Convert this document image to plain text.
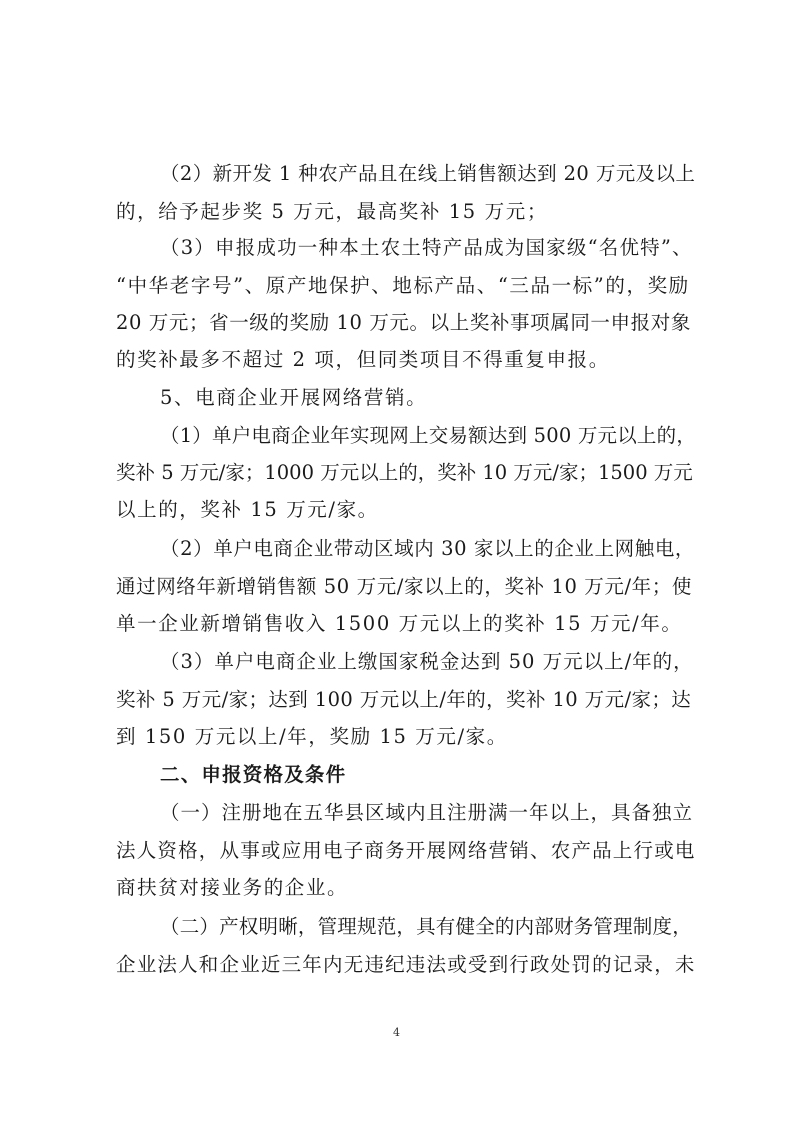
（2）新开发 1 种农产品且在线上销售额达到 20 万元及以上
的，给予起步奖 5 万元，最高奖补 15 万元；
（3）申报成功一种本土农土特产品成为国家级“名优特”、
“中华老字号”、原产地保护、地标产品、“三品一标”的，奖励
20 万元；省一级的奖励 10 万元。以上奖补事项属同一申报对象
的奖补最多不超过 2 项，但同类项目不得重复申报。
5、电商企业开展网络营销。
（1）单户电商企业年实现网上交易额达到 500 万元以上的，
奖补 5 万元/家；1000 万元以上的，奖补 10 万元/家；1500 万元
以上的，奖补 15 万元/家。
（2）单户电商企业带动区域内 30 家以上的企业上网触电，
通过网络年新增销售额 50 万元/家以上的，奖补 10 万元/年；使
单一企业新增销售收入 1500 万元以上的奖补 15 万元/年。
（3）单户电商企业上缴国家税金达到 50 万元以上/年的，
奖补 5 万元/家；达到 100 万元以上/年的，奖补 10 万元/家；达
到 150 万元以上/年，奖励 15 万元/家。
二、申报资格及条件
（一）注册地在五华县区域内且注册满一年以上，具备独立
法人资格，从事或应用电子商务开展网络营销、农产品上行或电
商扶贫对接业务的企业。
（二）产权明晰，管理规范，具有健全的内部财务管理制度，
企业法人和企业近三年内无违纪违法或受到行政处罚的记录，未
4
